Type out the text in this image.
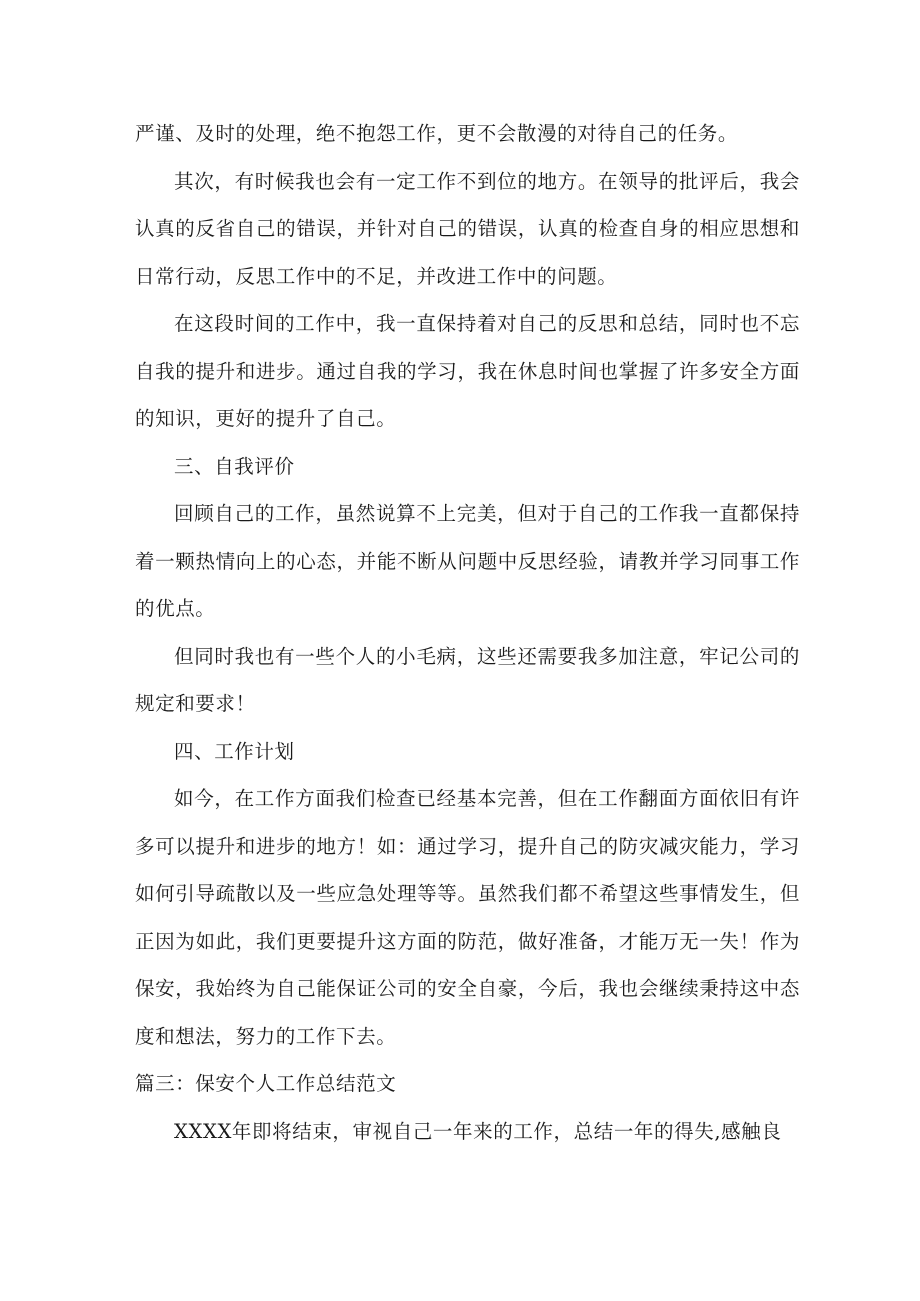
严谨、及时的处理，绝不抱怨工作，更不会散漫的对待自己的任务。

其次，有时候我也会有一定工作不到位的地方。在领导的批评后，我会认真的反省自己的错误，并针对自己的错误，认真的检查自身的相应思想和日常行动，反思工作中的不足，并改进工作中的问题。

在这段时间的工作中，我一直保持着对自己的反思和总结，同时也不忘自我的提升和进步。通过自我的学习，我在休息时间也掌握了许多安全方面的知识，更好的提升了自己。

三、自我评价

回顾自己的工作，虽然说算不上完美，但对于自己的工作我一直都保持着一颗热情向上的心态，并能不断从问题中反思经验，请教并学习同事工作的优点。

但同时我也有一些个人的小毛病，这些还需要我多加注意，牢记公司的规定和要求！

四、工作计划

如今，在工作方面我们检查已经基本完善，但在工作翻面方面依旧有许多可以提升和进步的地方！如：通过学习，提升自己的防灾减灾能力，学习如何引导疏散以及一些应急处理等等。虽然我们都不希望这些事情发生，但正因为如此，我们更要提升这方面的防范，做好准备，才能万无一失！作为保安，我始终为自己能保证公司的安全自豪，今后，我也会继续秉持这中态度和想法，努力的工作下去。

篇三：保安个人工作总结范文

XXXX年即将结束，审视自己一年来的工作，总结一年的得失,感触良
